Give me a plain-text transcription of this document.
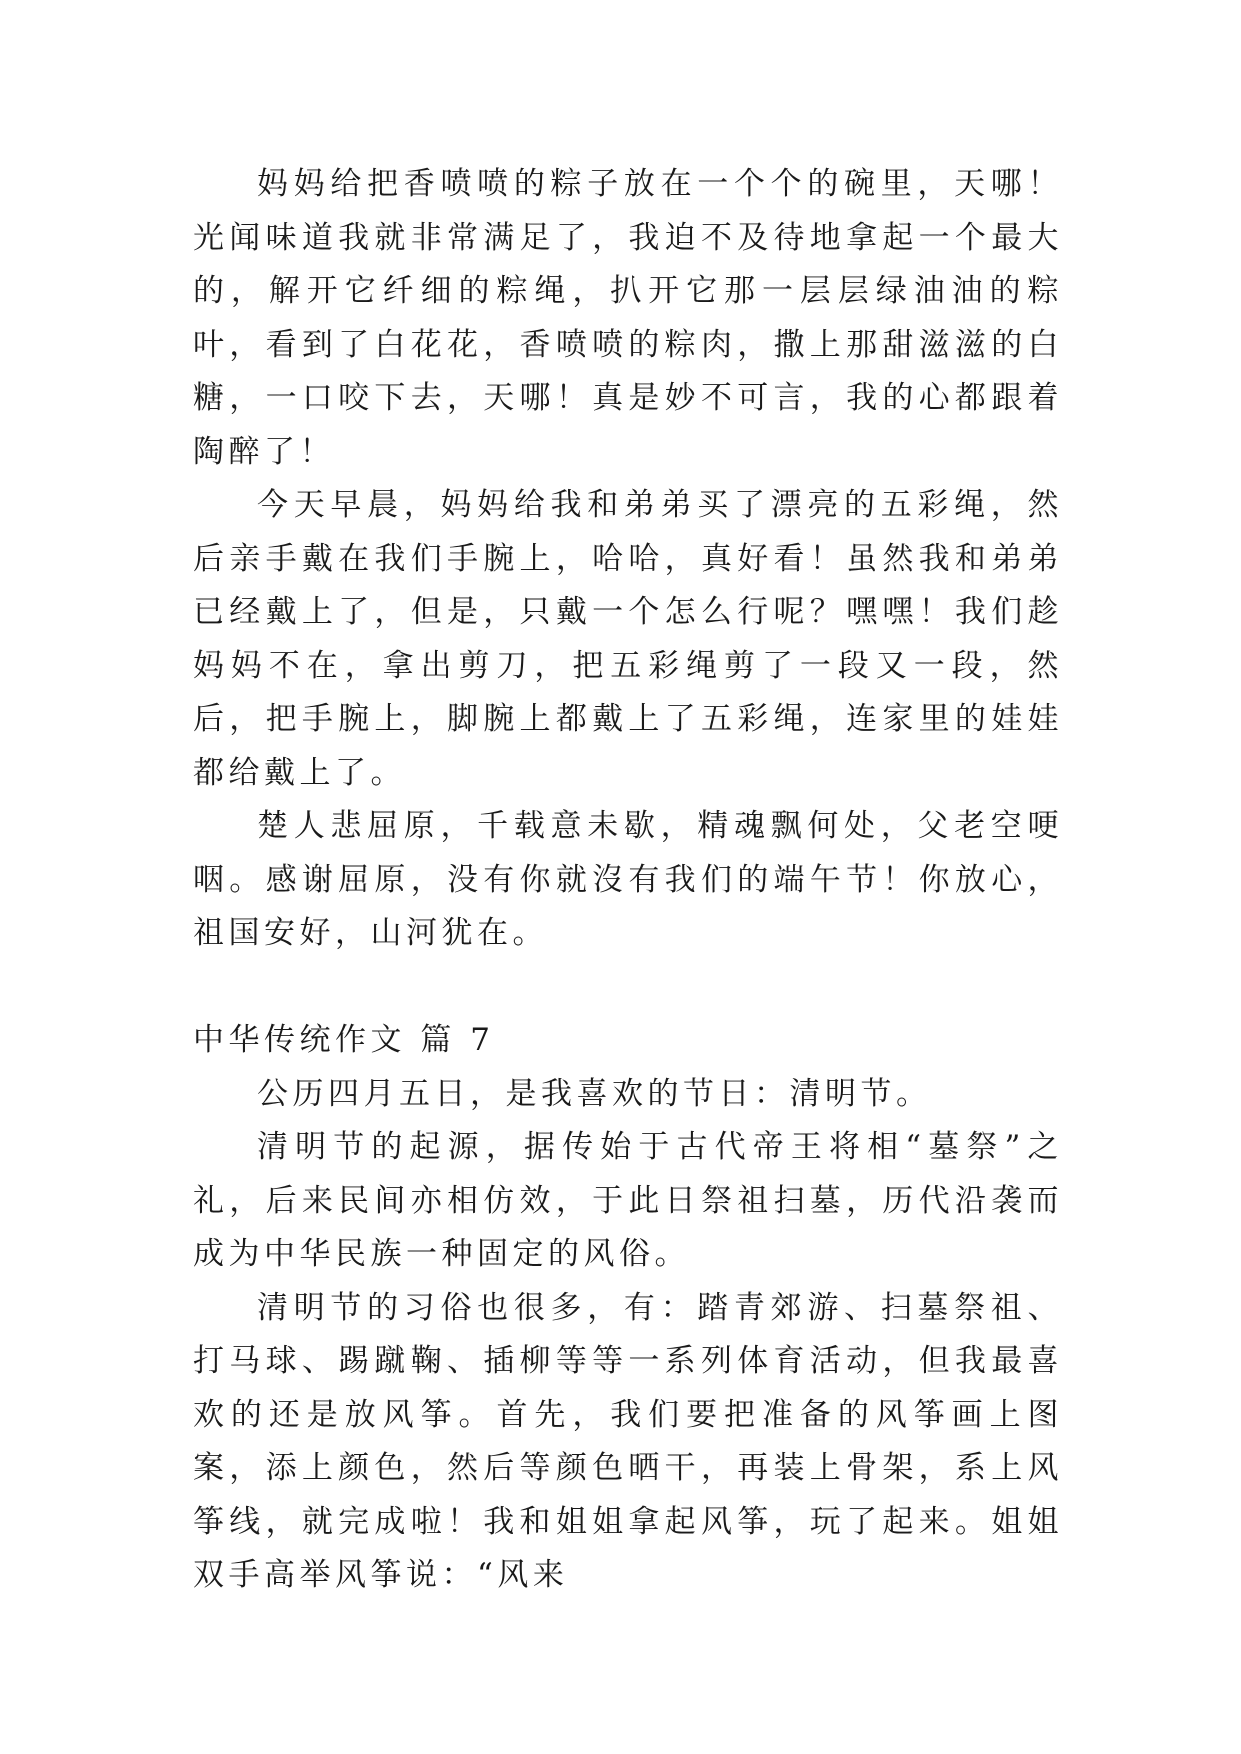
妈妈给把香喷喷的粽子放在一个个的碗里，天哪！光闻味道我就非常满足了，我迫不及待地拿起一个最大的，解开它纤细的粽绳，扒开它那一层层绿油油的粽叶，看到了白花花，香喷喷的粽肉，撒上那甜滋滋的白糖，一口咬下去，天哪！真是妙不可言，我的心都跟着陶醉了！

今天早晨，妈妈给我和弟弟买了漂亮的五彩绳，然后亲手戴在我们手腕上，哈哈，真好看！虽然我和弟弟已经戴上了，但是，只戴一个怎么行呢？嘿嘿！我们趁妈妈不在，拿出剪刀，把五彩绳剪了一段又一段，然后，把手腕上，脚腕上都戴上了五彩绳，连家里的娃娃都给戴上了。

楚人悲屈原，千载意未歇，精魂飘何处，父老空哽咽。感谢屈原，没有你就沒有我们的端午节！你放心，祖国安好，山河犹在。

中华传统作文 篇 7

公历四月五日，是我喜欢的节日：清明节。

清明节的起源，据传始于古代帝王将相“墓祭”之礼，后来民间亦相仿效，于此日祭祖扫墓，历代沿袭而成为中华民族一种固定的风俗。

清明节的习俗也很多，有：踏青郊游、扫墓祭祖、打马球、踢蹴鞠、插柳等等一系列体育活动，但我最喜欢的还是放风筝。首先，我们要把准备的风筝画上图案，添上颜色，然后等颜色晒干，再装上骨架，系上风筝线，就完成啦！我和姐姐拿起风筝，玩了起来。姐姐双手高举风筝说：“风来
